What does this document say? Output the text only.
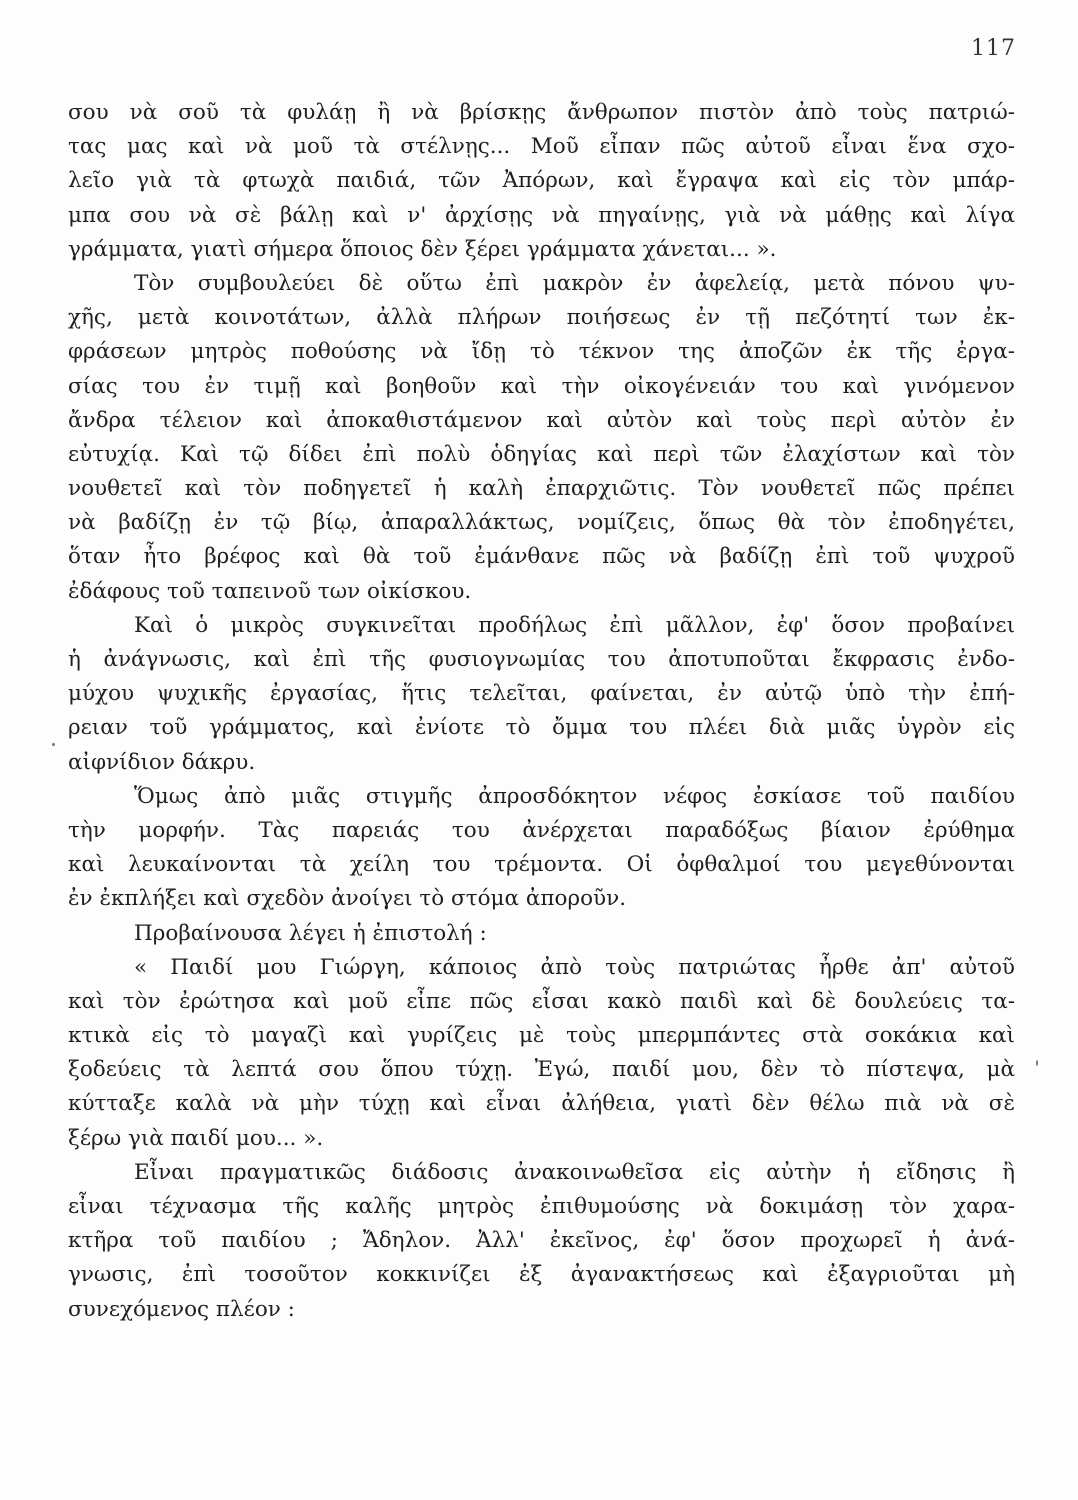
117
σου νὰ σοῦ τὰ φυλάῃ ἢ νὰ βρίσκῃς ἄνθρωπον πιστὸν ἀπὸ τοὺς πατριώ-
τας μας καὶ νὰ μοῦ τὰ στέλνῃς... Μοῦ εἶπαν πῶς αὐτοῦ εἶναι ἕνα σχο-
λεῖο γιὰ τὰ φτωχὰ παιδιά, τῶν Ἀπόρων, καὶ ἔγραψα καὶ εἰς τὸν μπάρ-
μπα σου νὰ σὲ βάλῃ καὶ ν' ἀρχίσῃς νὰ πηγαίνῃς, γιὰ νὰ μάθῃς καὶ λίγα
γράμματα, γιατὶ σήμερα ὅποιος δὲν ξέρει γράμματα χάνεται... ».
Τὸν συμβουλεύει δὲ οὕτω ἐπὶ μακρὸν ἐν ἀφελείᾳ, μετὰ πόνου ψυ-
χῆς, μετὰ κοινοτάτων, ἀλλὰ πλήρων ποιήσεως ἐν τῇ πεζότητί των ἐκ-
φράσεων μητρὸς ποθούσης νὰ ἴδῃ τὸ τέκνον της ἀποζῶν ἐκ τῆς ἐργα-
σίας του ἐν τιμῇ καὶ βοηθοῦν καὶ τὴν οἰκογένειάν του καὶ γινόμενον
ἄνδρα τέλειον καὶ ἀποκαθιστάμενον καὶ αὐτὸν καὶ τοὺς περὶ αὐτὸν ἐν
εὐτυχίᾳ. Καὶ τῷ δίδει ἐπὶ πολὺ ὁδηγίας καὶ περὶ τῶν ἐλαχίστων καὶ τὸν
νουθετεῖ καὶ τὸν ποδηγετεῖ ἡ καλὴ ἐπαρχιῶτις. Τὸν νουθετεῖ πῶς πρέπει
νὰ βαδίζῃ ἐν τῷ βίῳ, ἀπαραλλάκτως, νομίζεις, ὅπως θὰ τὸν ἐποδηγέτει,
ὅταν ἦτο βρέφος καὶ θὰ τοῦ ἐμάνθανε πῶς νὰ βαδίζῃ ἐπὶ τοῦ ψυχροῦ
ἐδάφους τοῦ ταπεινοῦ των οἰκίσκου.
Καὶ ὁ μικρὸς συγκινεῖται προδήλως ἐπὶ μᾶλλον, ἐφ' ὅσον προβαίνει
ἡ ἀνάγνωσις, καὶ ἐπὶ τῆς φυσιογνωμίας του ἀποτυποῦται ἔκφρασις ἐνδο-
μύχου ψυχικῆς ἐργασίας, ἥτις τελεῖται, φαίνεται, ἐν αὐτῷ ὑπὸ τὴν ἐπή-
ρειαν τοῦ γράμματος, καὶ ἐνίοτε τὸ ὄμμα του πλέει διὰ μιᾶς ὑγρὸν εἰς
αἰφνίδιον δάκρυ.
Ὅμως ἀπὸ μιᾶς στιγμῆς ἀπροσδόκητον νέφος ἐσκίασε τοῦ παιδίου
τὴν μορφήν. Τὰς παρειάς του ἀνέρχεται παραδόξως βίαιον ἐρύθημα
καὶ λευκαίνονται τὰ χείλη του τρέμοντα. Οἱ ὀφθαλμοί του μεγεθύνονται
ἐν ἐκπλήξει καὶ σχεδὸν ἀνοίγει τὸ στόμα ἀποροῦν.
Προβαίνουσα λέγει ἡ ἐπιστολή :
« Παιδί μου Γιώργη, κάποιος ἀπὸ τοὺς πατριώτας ἦρθε ἀπ' αὐτοῦ
καὶ τὸν ἐρώτησα καὶ μοῦ εἶπε πῶς εἶσαι κακὸ παιδὶ καὶ δὲ δουλεύεις τα-
κτικὰ εἰς τὸ μαγαζὶ καὶ γυρίζεις μὲ τοὺς μπερμπάντες στὰ σοκάκια καὶ
ξοδεύεις τὰ λεπτά σου ὅπου τύχῃ. Ἐγώ, παιδί μου, δὲν τὸ πίστεψα, μὰ
κύτταξε καλὰ νὰ μὴν τύχῃ καὶ εἶναι ἀλήθεια, γιατὶ δὲν θέλω πιὰ νὰ σὲ
ξέρω γιὰ παιδί μου... ».
Εἶναι πραγματικῶς διάδοσις ἀνακοινωθεῖσα εἰς αὐτὴν ἡ εἴδησις ἢ
εἶναι τέχνασμα τῆς καλῆς μητρὸς ἐπιθυμούσης νὰ δοκιμάσῃ τὸν χαρα-
κτῆρα τοῦ παιδίου ; Ἄδηλον. Ἀλλ' ἐκεῖνος, ἐφ' ὅσον προχωρεῖ ἡ ἀνά-
γνωσις, ἐπὶ τοσοῦτον κοκκινίζει ἐξ ἀγανακτήσεως καὶ ἐξαγριοῦται μὴ
συνεχόμενος πλέον :
